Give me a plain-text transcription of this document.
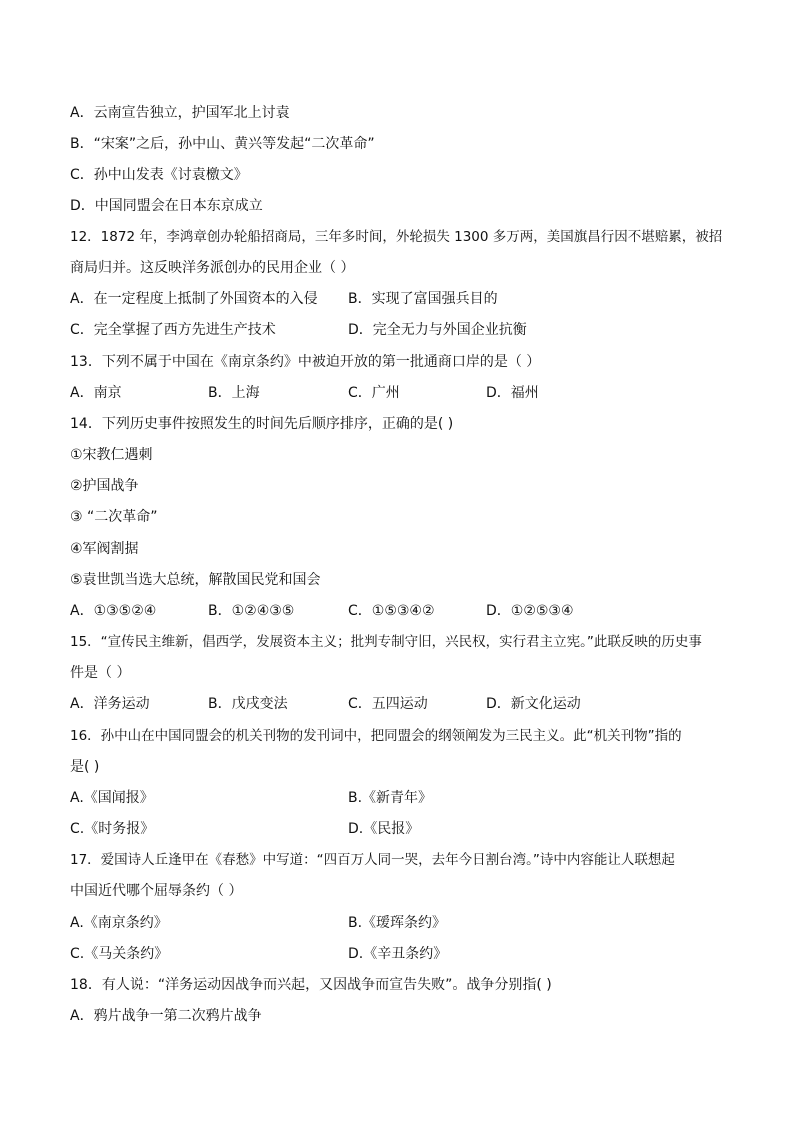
A．云南宣告独立，护国军北上讨袁
B．“宋案”之后，孙中山、黄兴等发起“二次革命”
C．孙中山发表《讨袁檄文》
D．中国同盟会在日本东京成立
12．1872 年，李鸿章创办轮船招商局，三年多时间，外轮损失 1300 多万两，美国旗昌行因不堪赔累，被招
商局归并。这反映洋务派创办的民用企业（ ）
A．在一定程度上抵制了外国资本的入侵 B．实现了富国强兵目的
C．完全掌握了西方先进生产技术	D．完全无力与外国企业抗衡
13．下列不属于中国在《南京条约》中被迫开放的第一批通商口岸的是（ ）
A．南京	B．上海	C．广州	D．福州
14．下列历史事件按照发生的时间先后顺序排序，正确的是( )
①宋教仁遇刺
②护国战争
③ “二次革命”
④军阀割据
⑤袁世凯当选大总统，解散国民党和国会
A．①③⑤②④	B．①②④③⑤	C．①⑤③④②	D．①②⑤③④
15．“宣传民主维新，倡西学，发展资本主义；批判专制守旧，兴民权，实行君主立宪。”此联反映的历史事
件是（ ）
A．洋务运动	B．戊戌变法	C．五四运动	D．新文化运动
16．孙中山在中国同盟会的机关刊物的发刊词中，把同盟会的纲领阐发为三民主义。此“机关刊物”指的
是( )
A.《国闻报》	B.《新青年》
C.《时务报》	D.《民报》
17．爱国诗人丘逢甲在《春愁》中写道：“四百万人同一哭，去年今日割台湾。”诗中内容能让人联想起
中国近代哪个屈辱条约（ ）
A.《南京条约》	B.《瑷珲条约》
C.《马关条约》	D.《辛丑条约》
18．有人说：“洋务运动因战争而兴起，又因战争而宣告失败”。战争分别指( )
A．鸦片战争一第二次鸦片战争
